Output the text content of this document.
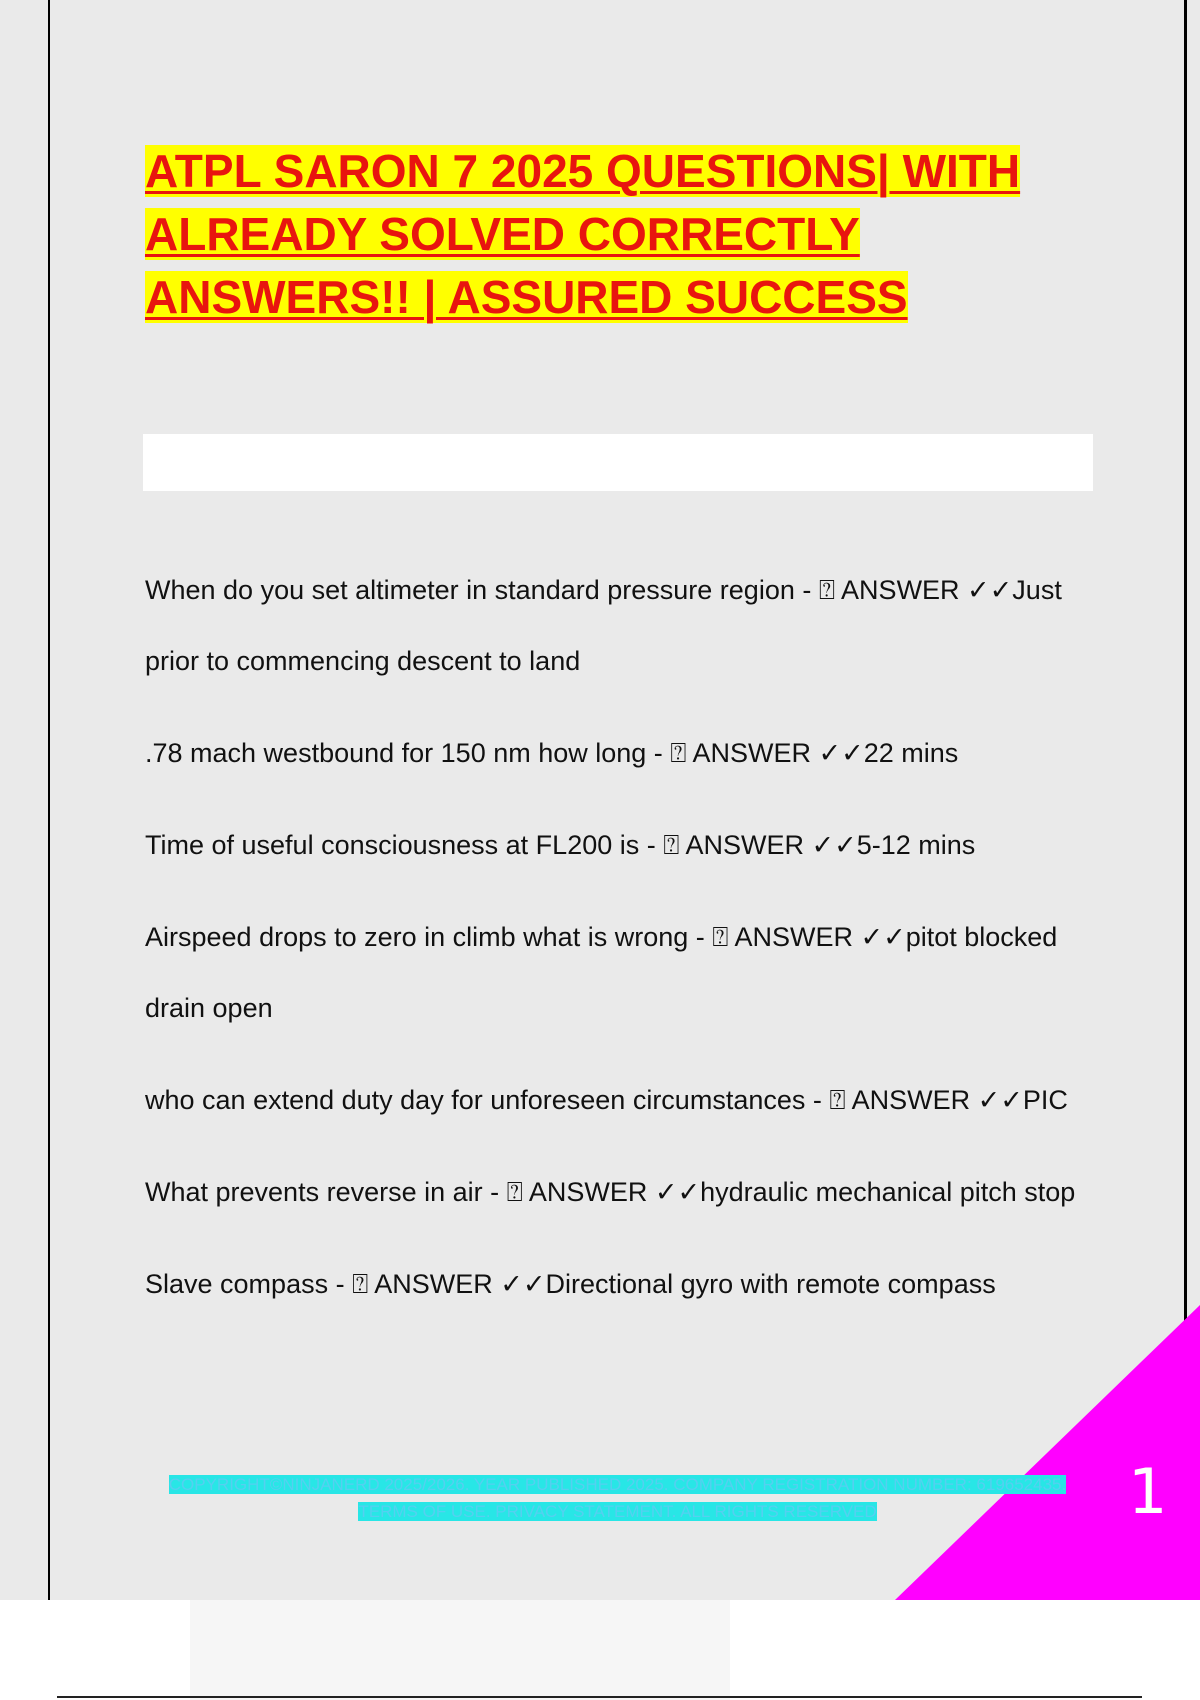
ATPL SARON 7 2025 QUESTIONS| WITH ALREADY SOLVED CORRECTLY ANSWERS!! | ASSURED SUCCESS

When do you set altimeter in standard pressure region - ⍰ ANSWER ✓✓Just prior to commencing descent to land

.78 mach westbound for 150 nm how long - ⍰ ANSWER ✓✓22 mins

Time of useful consciousness at FL200 is - ⍰ ANSWER ✓✓5-12 mins

Airspeed drops to zero in climb what is wrong - ⍰ ANSWER ✓✓pitot blocked drain open

who can extend duty day for unforeseen circumstances - ⍰ ANSWER ✓✓PIC

What prevents reverse in air - ⍰ ANSWER ✓✓hydraulic mechanical pitch stop

Slave compass - ⍰ ANSWER ✓✓Directional gyro with remote compass

COPYRIGHT©NINJANERD 2025/2026. YEAR PUBLISHED 2025. COMPANY REGISTRATION NUMBER: 619652435. TERMS OF USE. PRIVACY STATEMENT. ALL RIGHTS RESERVED	1
